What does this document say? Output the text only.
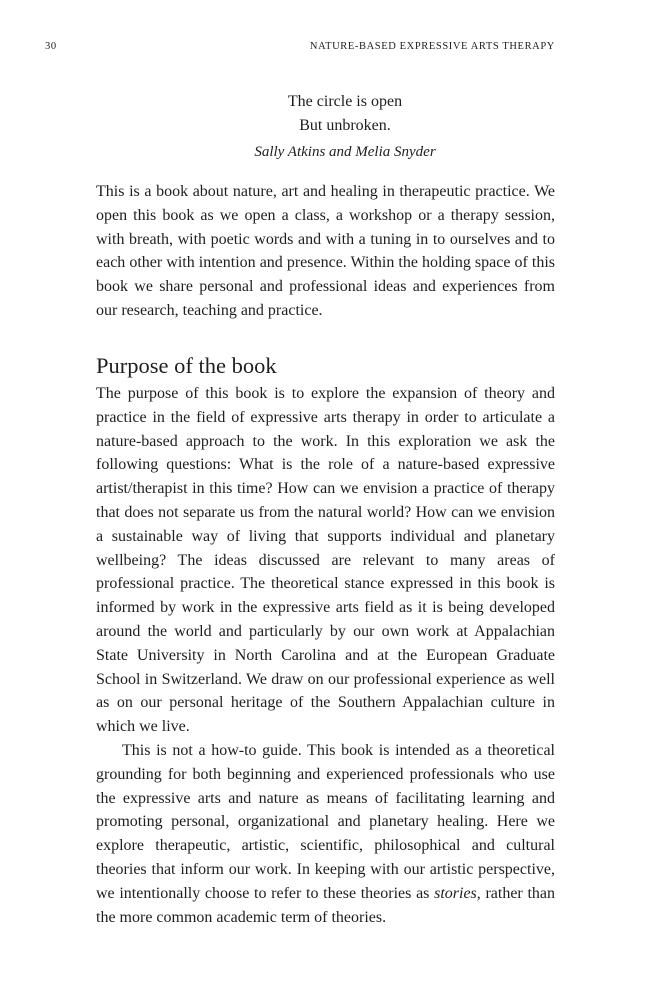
30	NATURE-BASED EXPRESSIVE ARTS THERAPY
The circle is open
But unbroken.
Sally Atkins and Melia Snyder

This is a book about nature, art and healing in therapeutic practice. We open this book as we open a class, a workshop or a therapy session, with breath, with poetic words and with a tuning in to ourselves and to each other with intention and presence. Within the holding space of this book we share personal and professional ideas and experiences from our research, teaching and practice.

Purpose of the book

The purpose of this book is to explore the expansion of theory and practice in the field of expressive arts therapy in order to articulate a nature-based approach to the work. In this exploration we ask the following questions: What is the role of a nature-based expressive artist/therapist in this time? How can we envision a practice of therapy that does not separate us from the natural world? How can we envision a sustainable way of living that supports individual and planetary wellbeing? The ideas discussed are relevant to many areas of professional practice. The theoretical stance expressed in this book is informed by work in the expressive arts field as it is being developed around the world and particularly by our own work at Appalachian State University in North Carolina and at the European Graduate School in Switzerland. We draw on our professional experience as well as on our personal heritage of the Southern Appalachian culture in which we live.

This is not a how-to guide. This book is intended as a theoretical grounding for both beginning and experienced professionals who use the expressive arts and nature as means of facilitating learning and promoting personal, organizational and planetary healing. Here we explore therapeutic, artistic, scientific, philosophical and cultural theories that inform our work. In keeping with our artistic perspective, we intentionally choose to refer to these theories as stories, rather than the more common academic term of theories.
